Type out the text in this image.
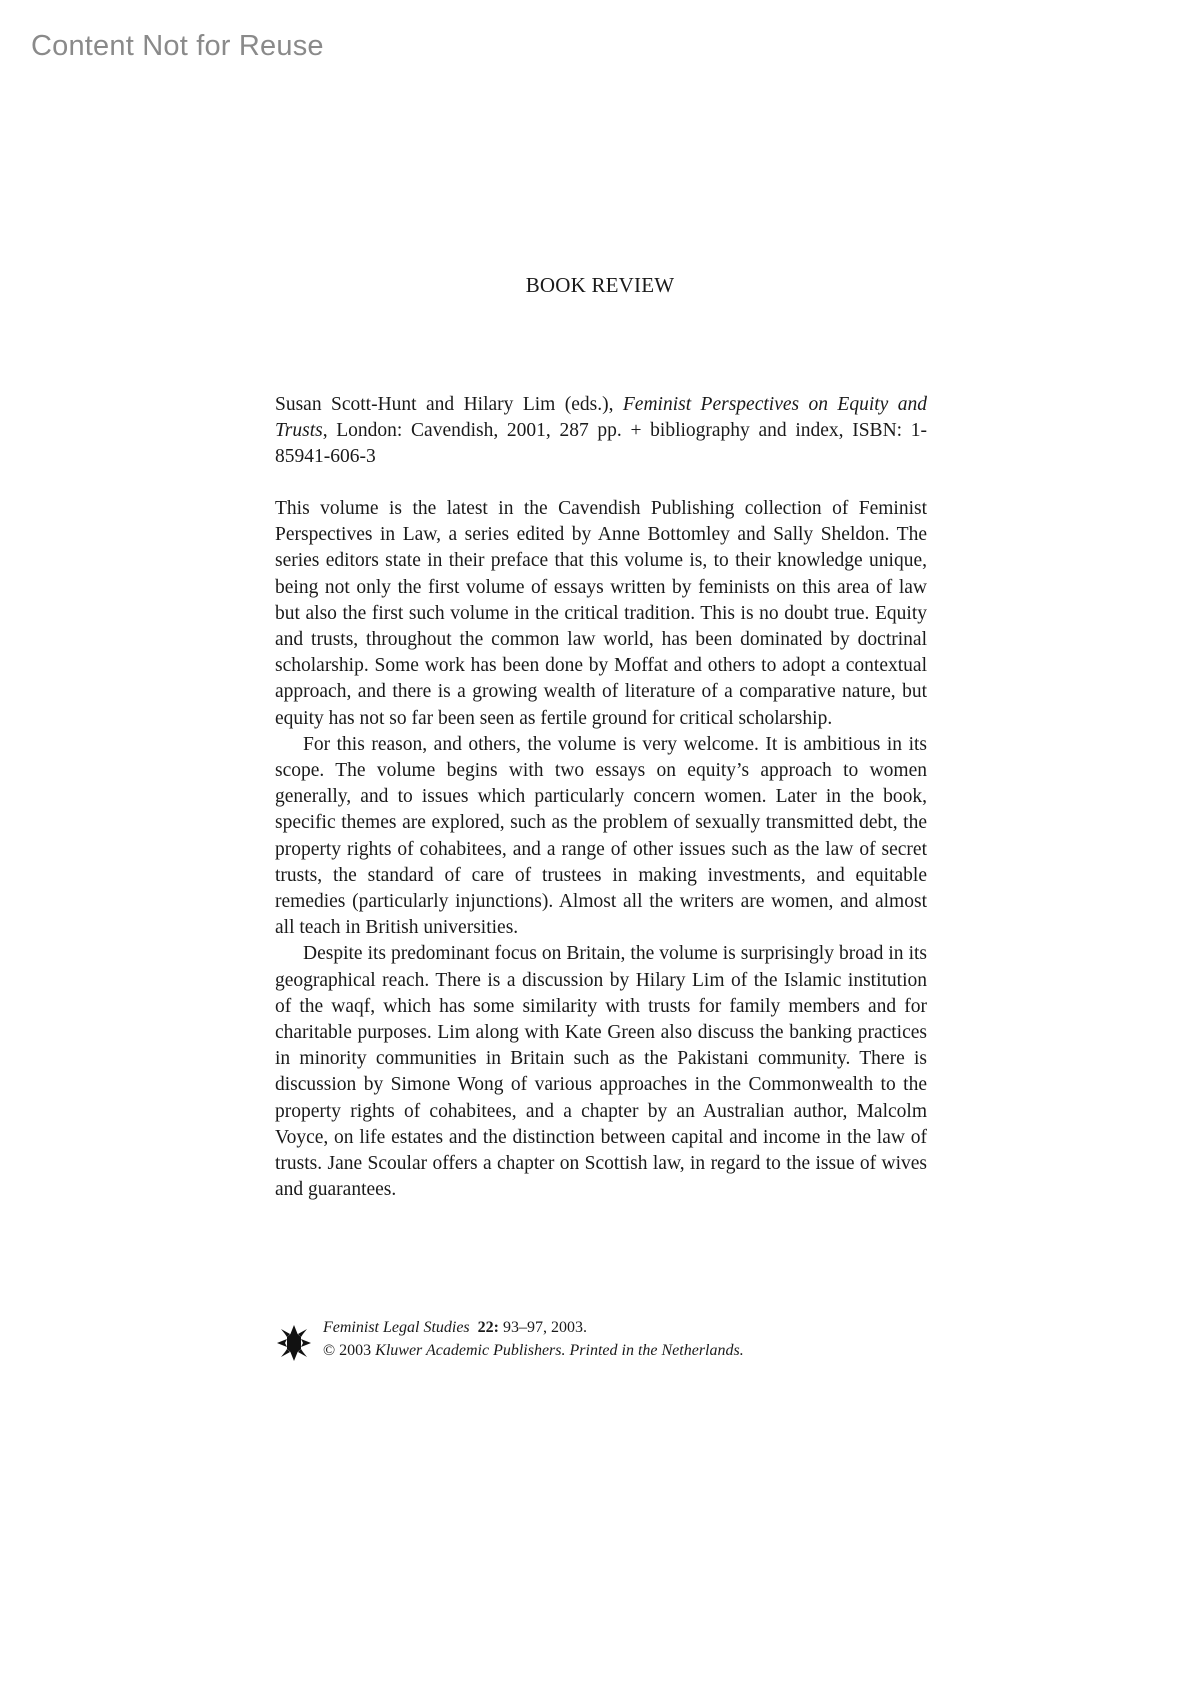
Content Not for Reuse
BOOK REVIEW
Susan Scott-Hunt and Hilary Lim (eds.), Feminist Perspectives on Equity and Trusts, London: Cavendish, 2001, 287 pp. + bibliography and index, ISBN: 1-85941-606-3

This volume is the latest in the Cavendish Publishing collection of Feminist Perspectives in Law, a series edited by Anne Bottomley and Sally Sheldon. The series editors state in their preface that this volume is, to their knowledge unique, being not only the first volume of essays written by feminists on this area of law but also the first such volume in the critical tradition. This is no doubt true. Equity and trusts, throughout the common law world, has been dominated by doctrinal scholarship. Some work has been done by Moffat and others to adopt a contextual approach, and there is a growing wealth of literature of a comparative nature, but equity has not so far been seen as fertile ground for critical scholarship.

For this reason, and others, the volume is very welcome. It is ambitious in its scope. The volume begins with two essays on equity’s approach to women generally, and to issues which particularly concern women. Later in the book, specific themes are explored, such as the problem of sexually transmitted debt, the property rights of cohabitees, and a range of other issues such as the law of secret trusts, the standard of care of trustees in making investments, and equitable remedies (particularly injunctions). Almost all the writers are women, and almost all teach in British universities.

Despite its predominant focus on Britain, the volume is surprisingly broad in its geographical reach. There is a discussion by Hilary Lim of the Islamic institution of the waqf, which has some similarity with trusts for family members and for charitable purposes. Lim along with Kate Green also discuss the banking practices in minority communities in Britain such as the Pakistani community. There is discussion by Simone Wong of various approaches in the Commonwealth to the property rights of cohabitees, and a chapter by an Australian author, Malcolm Voyce, on life estates and the distinction between capital and income in the law of trusts. Jane Scoular offers a chapter on Scottish law, in regard to the issue of wives and guarantees.

Feminist Legal Studies 22: 93–97, 2003.
© 2003 Kluwer Academic Publishers. Printed in the Netherlands.
